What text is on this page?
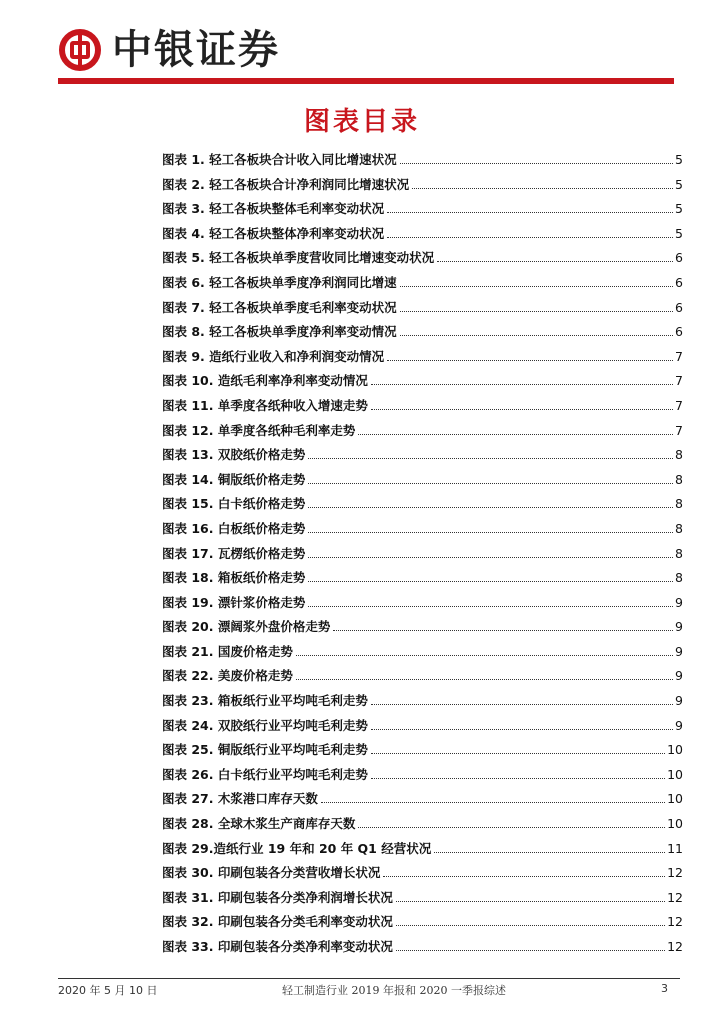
中银证券
图表目录
图表 1. 轻工各板块合计收入同比增速状况	5
图表 2. 轻工各板块合计净利润同比增速状况	5
图表 3. 轻工各板块整体毛利率变动状况	5
图表 4. 轻工各板块整体净利率变动状况	5
图表 5. 轻工各板块单季度营收同比增速变动状况	6
图表 6. 轻工各板块单季度净利润同比增速	6
图表 7. 轻工各板块单季度毛利率变动状况	6
图表 8. 轻工各板块单季度净利率变动情况	6
图表 9. 造纸行业收入和净利润变动情况	7
图表 10. 造纸毛利率净利率变动情况	7
图表 11. 单季度各纸种收入增速走势	7
图表 12. 单季度各纸种毛利率走势	7
图表 13. 双胶纸价格走势	8
图表 14. 铜版纸价格走势	8
图表 15. 白卡纸价格走势	8
图表 16. 白板纸价格走势	8
图表 17. 瓦楞纸价格走势	8
图表 18. 箱板纸价格走势	8
图表 19. 漂针浆价格走势	9
图表 20. 漂阔浆外盘价格走势	9
图表 21. 国废价格走势	9
图表 22. 美废价格走势	9
图表 23. 箱板纸行业平均吨毛利走势	9
图表 24. 双胶纸行业平均吨毛利走势	9
图表 25. 铜版纸行业平均吨毛利走势	10
图表 26. 白卡纸行业平均吨毛利走势	10
图表 27. 木浆港口库存天数	10
图表 28. 全球木浆生产商库存天数	10
图表 29.造纸行业 19 年和 20 年 Q1 经营状况	11
图表 30. 印刷包装各分类营收增长状况	12
图表 31. 印刷包装各分类净利润增长状况	12
图表 32. 印刷包装各分类毛利率变动状况	12
图表 33. 印刷包装各分类净利率变动状况	12
2020 年 5 月 10 日	轻工制造行业 2019 年报和 2020 一季报综述	3
